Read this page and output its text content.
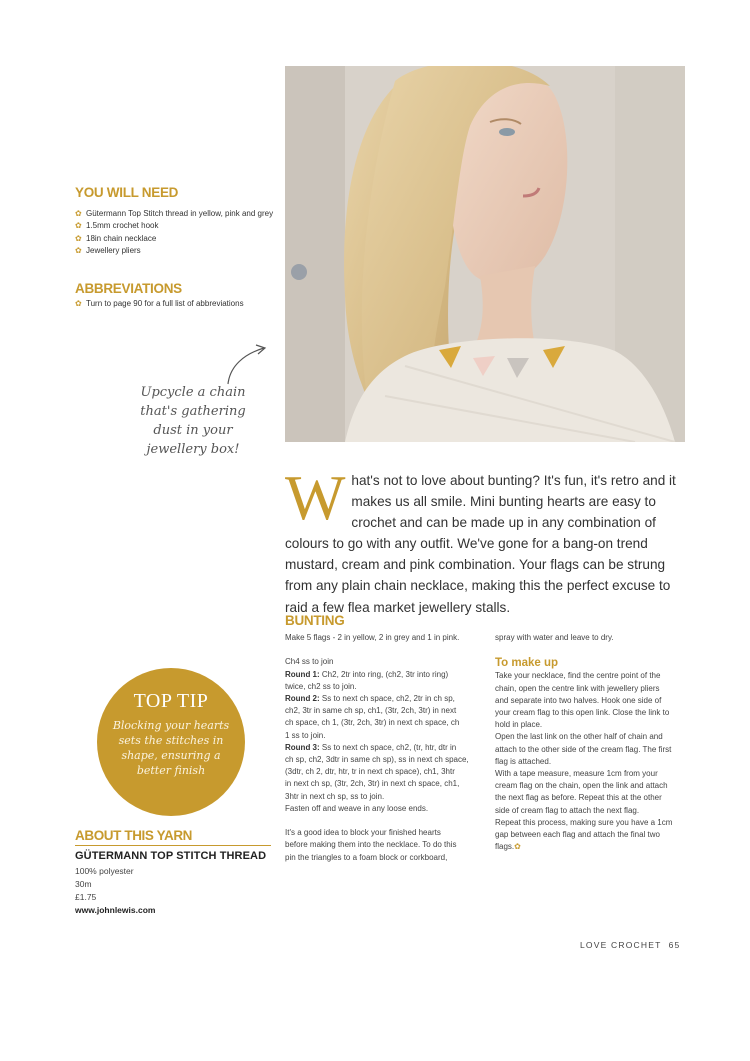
YOU WILL NEED
✿ Gütermann Top Stitch thread in yellow, pink and grey
✿ 1.5mm crochet hook
✿ 18in chain necklace
✿ Jewellery pliers
ABBREVIATIONS
✿ Turn to page 90 for a full list of abbreviations
Upcycle a chain
that's gathering
dust in your
jewellery box!
What's not to love about bunting? It's fun, it's retro and it makes us all smile. Mini bunting hearts are easy to crochet and can be made up in any combination of colours to go with any outfit. We've gone for a bang-on trend mustard, cream and pink combination. Your flags can be strung from any plain chain necklace, making this the perfect excuse to raid a few flea market jewellery stalls.
BUNTING

Make 5 flags - 2 in yellow, 2 in grey and 1 in pink.

Ch4 ss to join

Round 1: Ch2, 2tr into ring, (ch2, 3tr into ring)

twice, ch2 ss to join.

Round 2: Ss to next ch space, ch2, 2tr in ch sp,

ch2, 3tr in same ch sp, ch1, (3tr, 2ch, 3tr) in next

ch space, ch 1, (3tr, 2ch, 3tr) in next ch space, ch

1 ss to join.

Round 3: Ss to next ch space, ch2, (tr, htr, dtr in

ch sp, ch2, 3dtr in same ch sp), ss in next ch space,

(3dtr, ch 2, dtr, htr, tr in next ch space), ch1, 3htr

in next ch sp, (3tr, 2ch, 3tr) in next ch space, ch1,

3htr in next ch sp, ss to join.

Fasten off and weave in any loose ends.

It's a good idea to block your finished hearts

before making them into the necklace. To do this

pin the triangles to a foam block or corkboard,

spray with water and leave to dry.

To make up

Take your necklace, find the centre point of the

chain, open the centre link with jewellery pliers

and separate into two halves. Hook one side of

your cream flag to this open link. Close the link to

hold in place.

Open the last link on the other half of chain and

attach to the other side of the cream flag. The first

flag is attached.

With a tape measure, measure 1cm from your

cream flag on the chain, open the link and attach

the next flag as before. Repeat this at the other

side of cream flag to attach the next flag.

Repeat this process, making sure you have a 1cm

gap between each flag and attach the final two

flags.✿

TOP TIP
Blocking your hearts
sets the stitches in
shape, ensuring a
better finish
ABOUT THIS YARN
GÜTERMANN TOP STITCH THREAD
100% polyester
30m
£1.75
www.johnlewis.com
LOVE CROCHET 65
